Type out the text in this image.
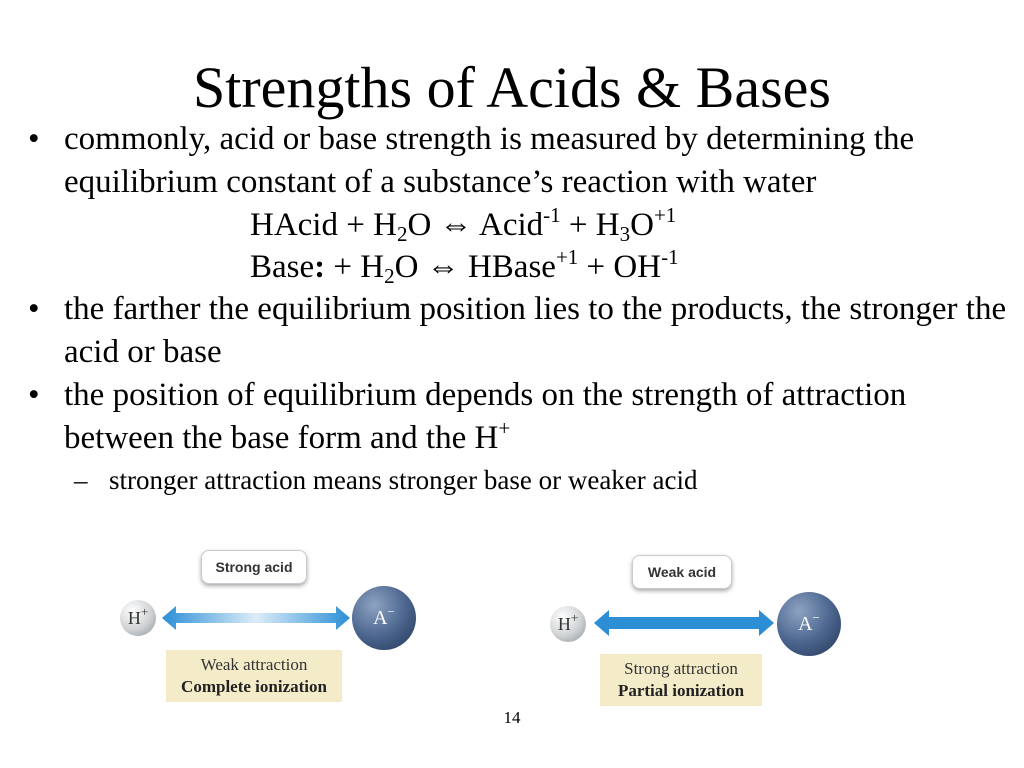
Strengths of Acids & Bases
• commonly, acid or base strength is measured by determining the equilibrium constant of a substance’s reaction with water
HAcid + $H_2O$ ⇔ Acid$^{-1}$ + $H_3O^{+1}$
Base: + $H_2O$ ⇔ HBase$^{+1}$ + $OH^{-1}$
• the farther the equilibrium position lies to the products, the stronger the acid or base
• the position of equilibrium depends on the strength of attraction between the base form and the H+
– stronger attraction means stronger base or weaker acid
Strong acid
H+	A−
Weak attraction
Complete ionization
Weak acid
H+	A−
Strong attraction
Partial ionization
14
